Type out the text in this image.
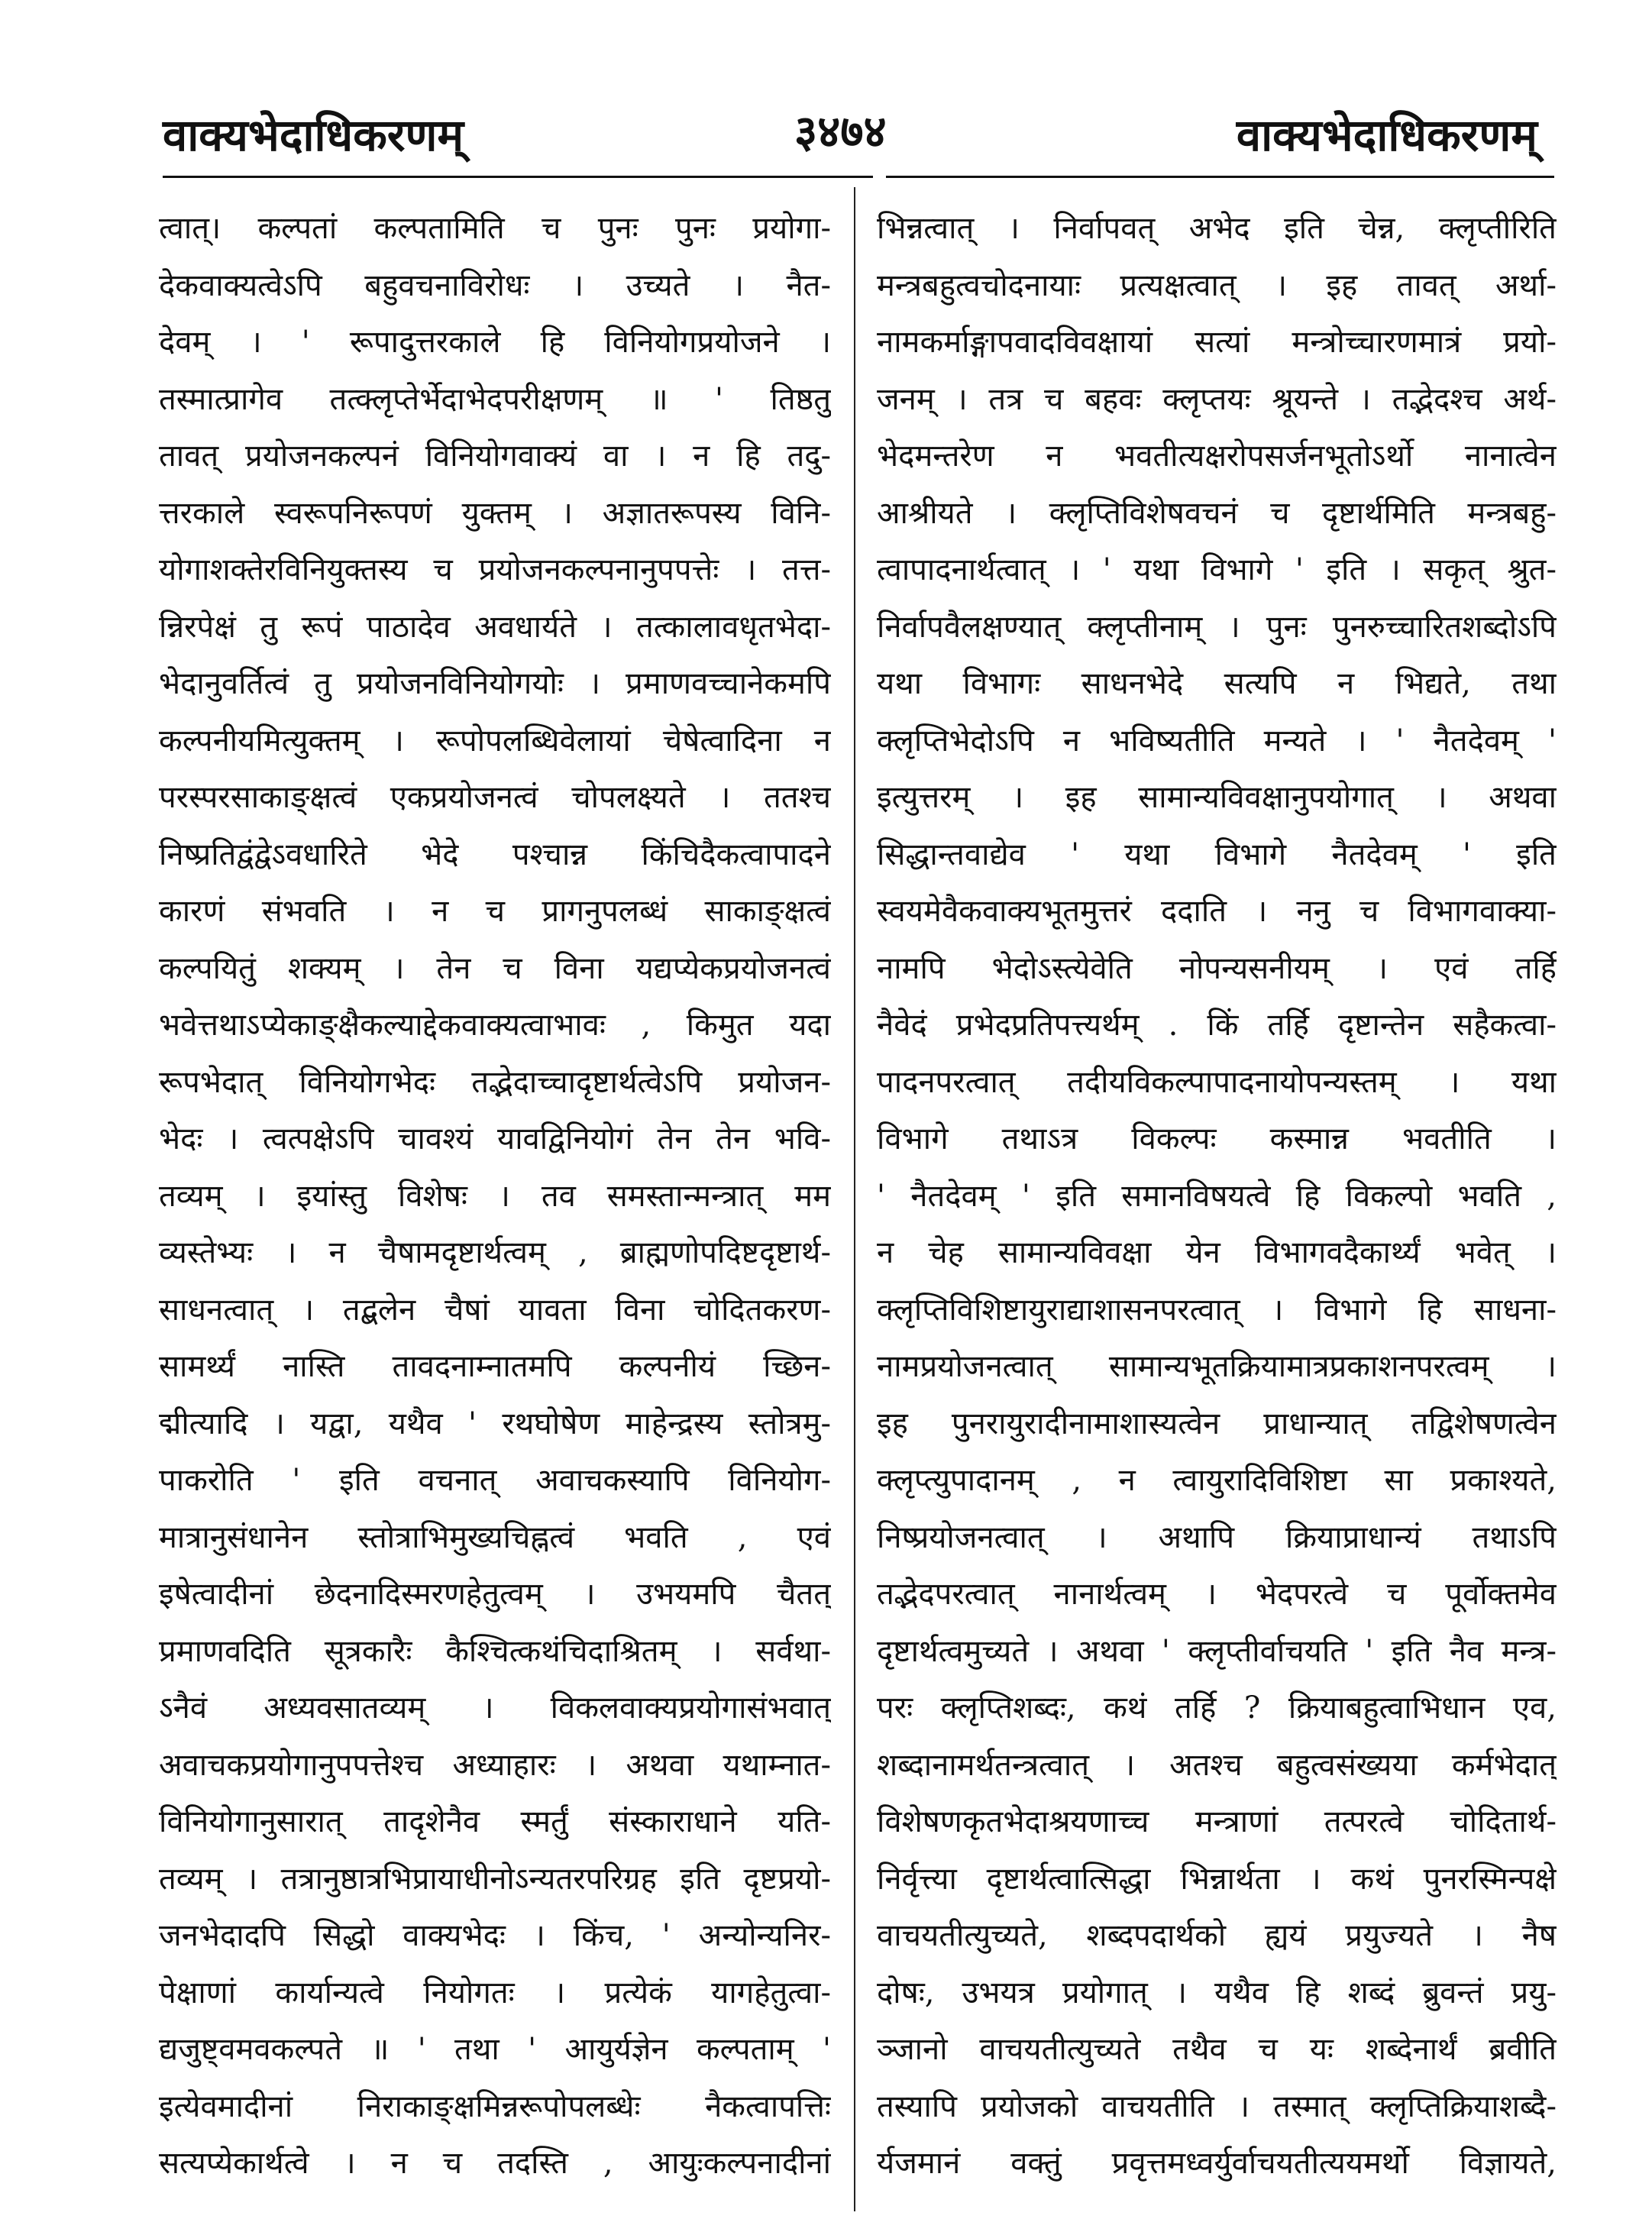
वाक्यभेदाधिकरणम्	३४७४	वाक्यभेदाधिकरणम्
त्वात्। कल्पतां कल्पतामिति च पुनः पुनः प्रयोगा-
देकवाक्यत्वेऽपि बहुवचनाविरोधः । उच्यते । नैत-
देवम् । ' रूपादुत्तरकाले हि विनियोगप्रयोजने ।
तस्मात्प्रागेव तत्क्लृप्तेर्भेदाभेदपरीक्षणम् ॥ ' तिष्ठतु
तावत् प्रयोजनकल्पनं विनियोगवाक्यं वा । न हि तदु-
त्तरकाले स्वरूपनिरूपणं युक्तम् । अज्ञातरूपस्य विनि-
योगाशक्तेरविनियुक्तस्य च प्रयोजनकल्पनानुपपत्तेः । तत्त-
न्निरपेक्षं तु रूपं पाठादेव अवधार्यते । तत्कालावधृतभेदा-
भेदानुवर्तित्वं तु प्रयोजनविनियोगयोः । प्रमाणवच्चानेकमपि
कल्पनीयमित्युक्तम् । रूपोपलब्धिवेलायां चेषेत्वादिना न
परस्परसाकाङ्क्षत्वं एकप्रयोजनत्वं चोपलक्ष्यते । ततश्च
निष्प्रतिद्वंद्वेऽवधारिते भेदे पश्चान्न किंचिदैकत्वापादने
कारणं संभवति । न च प्रागनुपलब्धं साकाङ्क्षत्वं
कल्पयितुं शक्यम् । तेन च विना यद्यप्येकप्रयोजनत्वं
भवेत्तथाऽप्येकाङ्क्षैकल्याद्देकवाक्यत्वाभावः , किमुत यदा
रूपभेदात् विनियोगभेदः तद्भेदाच्चादृष्टार्थत्वेऽपि प्रयोजन-
भेदः । त्वत्पक्षेऽपि चावश्यं यावद्विनियोगं तेन तेन भवि-
तव्यम् । इयांस्तु विशेषः । तव समस्तान्मन्त्रात् मम
व्यस्तेभ्यः । न चैषामदृष्टार्थत्वम् , ब्राह्मणोपदिष्टदृष्टार्थ-
साधनत्वात् । तद्बलेन चैषां यावता विना चोदितकरण-
सामर्थ्यं नास्ति तावदनाम्नातमपि कल्पनीयं च्छिन-
द्मीत्यादि । यद्वा, यथैव ' रथघोषेण माहेन्द्रस्य स्तोत्रमु-
पाकरोति ' इति वचनात् अवाचकस्यापि विनियोग-
मात्रानुसंधानेन स्तोत्राभिमुख्यचिह्नत्वं भवति , एवं
इषेत्वादीनां छेदनादिस्मरणहेतुत्वम् । उभयमपि चैतत्
प्रमाणवदिति सूत्रकारैः कैश्चित्कथंचिदाश्रितम् । सर्वथा-
ऽनैवं अध्यवसातव्यम् । विकलवाक्यप्रयोगासंभवात्
अवाचकप्रयोगानुपपत्तेश्च अध्याहारः । अथवा यथाम्नात-
विनियोगानुसारात् तादृशेनैव स्मर्तुं संस्काराधाने यति-
तव्यम् । तत्रानुष्ठात्रभिप्रायाधीनोऽन्यतरपरिग्रह इति दृष्टप्रयो-
जनभेदादपि सिद्धो वाक्यभेदः । किंच, ' अन्योन्यनिर-
पेक्षाणां कार्यान्यत्वे नियोगतः । प्रत्येकं यागहेतुत्वा-
द्यजुष्ट्वमवकल्पते ॥ ' तथा ' आयुर्यज्ञेन कल्पताम् '
इत्येवमादीनां निराकाङ्क्षमिन्नरूपोपलब्धेः नैकत्वापत्तिः
सत्यप्येकार्थत्वे । न च तदस्ति , आयुःकल्पनादीनां
भिन्नत्वात् । निर्वापवत् अभेद इति चेन्न, क्लृप्तीरिति
मन्त्रबहुत्वचोदनायाः प्रत्यक्षत्वात् । इह तावत् अर्था-
नामकर्माङ्गापवादविवक्षायां सत्यां मन्त्रोच्चारणमात्रं प्रयो-
जनम् । तत्र च बहवः क्लृप्तयः श्रूयन्ते । तद्भेदश्च अर्थ-
भेदमन्तरेण न भवतीत्यक्षरोपसर्जनभूतोऽर्थो नानात्वेन
आश्रीयते । क्लृप्तिविशेषवचनं च दृष्टार्थमिति मन्त्रबहु-
त्वापादनार्थत्वात् । ' यथा विभागे ' इति । सकृत् श्रुत-
निर्वापवैलक्षण्यात् क्लृप्तीनाम् । पुनः पुनरुच्चारितशब्दोऽपि
यथा विभागः साधनभेदे सत्यपि न भिद्यते, तथा
क्लृप्तिभेदोऽपि न भविष्यतीति मन्यते । ' नैतदेवम् '
इत्युत्तरम् । इह सामान्यविवक्षानुपयोगात् । अथवा
सिद्धान्तवाद्येव ' यथा विभागे नैतदेवम् ' इति
स्वयमेवैकवाक्यभूतमुत्तरं ददाति । ननु च विभागवाक्या-
नामपि भेदोऽस्त्येवेति नोपन्यसनीयम् । एवं तर्हि
नैवेदं प्रभेदप्रतिपत्त्यर्थम् . किं तर्हि दृष्टान्तेन सहैकत्वा-
पादनपरत्वात् तदीयविकल्पापादनायोपन्यस्तम् । यथा
विभागे तथाऽत्र विकल्पः कस्मान्न भवतीति ।
' नैतदेवम् ' इति समानविषयत्वे हि विकल्पो भवति ,
न चेह सामान्यविवक्षा येन विभागवदैकार्थ्यं भवेत् ।
क्लृप्तिविशिष्टायुराद्याशासनपरत्वात् । विभागे हि साधना-
नामप्रयोजनत्वात् सामान्यभूतक्रियामात्रप्रकाशनपरत्वम् ।
इह पुनरायुरादीनामाशास्यत्वेन प्राधान्यात् तद्विशेषणत्वेन
क्लृप्त्युपादानम् , न त्वायुरादिविशिष्टा सा प्रकाश्यते,
निष्प्रयोजनत्वात् । अथापि क्रियाप्राधान्यं तथाऽपि
तद्भेदपरत्वात् नानार्थत्वम् । भेदपरत्वे च पूर्वोक्तमेव
दृष्टार्थत्वमुच्यते । अथवा ' क्लृप्तीर्वाचयति ' इति नैव मन्त्र-
परः क्लृप्तिशब्दः, कथं तर्हि ? क्रियाबहुत्वाभिधान एव,
शब्दानामर्थतन्त्रत्वात् । अतश्च बहुत्वसंख्यया कर्मभेदात्
विशेषणकृतभेदाश्रयणाच्च मन्त्राणां तत्परत्वे चोदितार्थ-
निर्वृत्त्या दृष्टार्थत्वात्सिद्धा भिन्नार्थता । कथं पुनरस्मिन्पक्षे
वाचयतीत्युच्यते, शब्दपदार्थको ह्ययं प्रयुज्यते । नैष
दोषः, उभयत्र प्रयोगात् । यथैव हि शब्दं ब्रुवन्तं प्रयु-
ञ्जानो वाचयतीत्युच्यते तथैव च यः शब्देनार्थं ब्रवीति
तस्यापि प्रयोजको वाचयतीति । तस्मात् क्लृप्तिक्रियाशब्दै-
र्यजमानं वक्तुं प्रवृत्तमध्वर्युर्वाचयतीत्ययमर्थो विज्ञायते,
